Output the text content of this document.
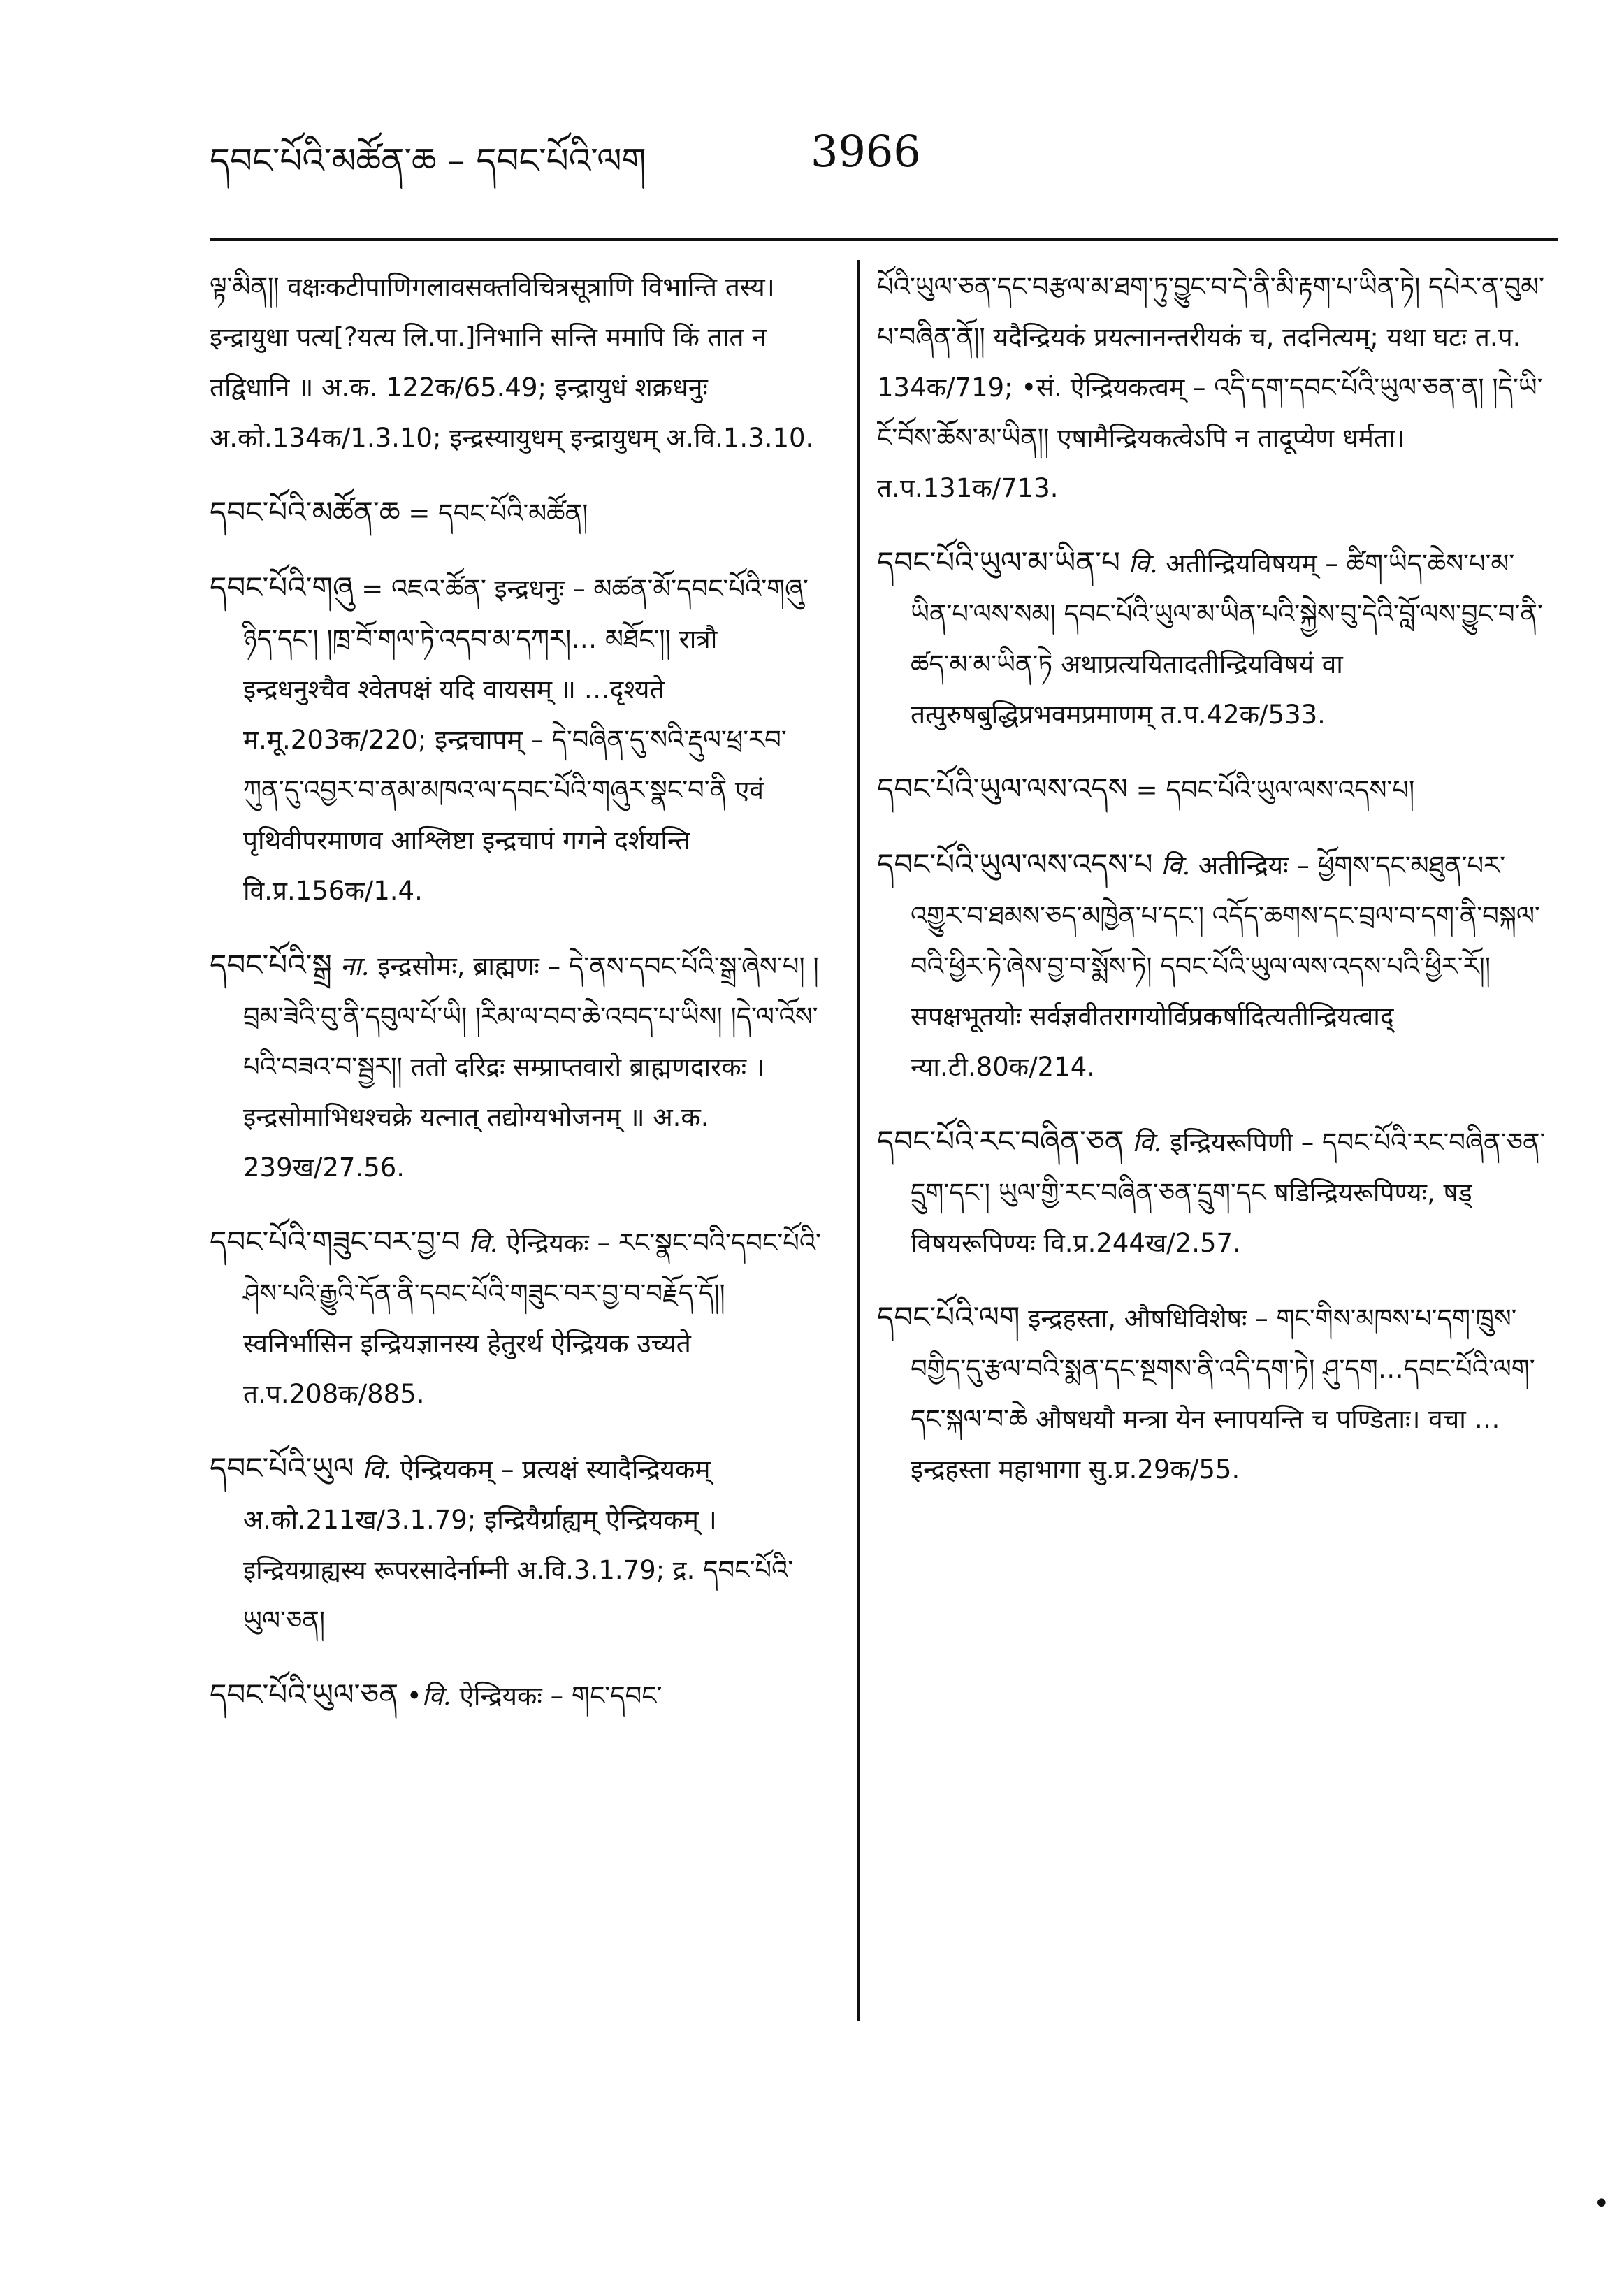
དབང་པོའི་མཚོན་ཆ – དབང་པོའི་ལག	3966

ལྟ་མིན།། वक्षःकटीपाणिगलावसक्तविचित्रसूत्राणि विभान्ति तस्य। इन्द्रायुधा पत्य[?यत्य लि.पा.]निभानि सन्ति ममापि किं तात न तद्विधानि ॥ अ.क. 122क/65.49; इन्द्रायुधं शक्रधनुः अ.को.134क/1.3.10; इन्द्रस्यायुधम् इन्द्रायुधम् अ.वि.1.3.10.

དབང་པོའི་མཚོན་ཆ = དབང་པོའི་མཚོན།

དབང་པོའི་གཞུ = འཇའ་ཚོན་ इन्द्रधनुः – མཚན་མོ་དབང་པོའི་གཞུ་ཉིད་དང་། །ཁྲ་བོ་གལ་ཏེ་འདབ་མ་དཀར།… མཐོང་།། रात्रौ इन्द्रधनुश्चैव श्वेतपक्षं यदि वायसम् ॥ …दृश्यते म.मू.203क/220; इन्द्रचापम् – དེ་བཞིན་དུ་སའི་རྡུལ་ཕྲ་རབ་ཀུན་དུ་འབྱར་བ་ནམ་མཁའ་ལ་དབང་པོའི་གཞུར་སྣང་བ་ནི एवं पृथिवीपरमाणव आश्लिष्टा इन्द्रचापं गगने दर्शयन्ति वि.प्र.156क/1.4.

དབང་པོའི་སྒྲ ना. इन्द्रसोमः, ब्राह्मणः – དེ་ནས་དབང་པོའི་སྒྲ་ཞེས་པ། །བྲམ་ཟེའི་བུ་ནི་དབུལ་པོ་ཡི། །རིམ་ལ་བབ་ཆེ་འབད་པ་ཡིས། །དེ་ལ་འོས་པའི་བཟའ་བ་སྦྱར།། ततो दरिद्रः सम्प्राप्तवारो ब्राह्मणदारकः । इन्द्रसोमाभिधश्चक्रे यत्नात् तद्योग्यभोजनम् ॥ अ.क. 239ख/27.56.

དབང་པོའི་གཟུང་བར་བྱ་བ वि. ऐन्द्रियकः – རང་སྣང་བའི་དབང་པོའི་ཤེས་པའི་རྒྱུའི་དོན་ནི་དབང་པོའི་གཟུང་བར་བྱ་བ་བརྗོད་དོ།། स्वनिर्भासिन इन्द्रियज्ञानस्य हेतुरर्थ ऐन्द्रियक उच्यते त.प.208क/885.

དབང་པོའི་ཡུལ वि. ऐन्द्रियकम् – प्रत्यक्षं स्यादैन्द्रियकम् अ.को.211ख/3.1.79; इन्द्रियैर्ग्राह्यम् ऐन्द्रियकम् । इन्द्रियग्राह्यस्य रूपरसादेर्नाम्नी अ.वि.3.1.79; द्र. དབང་པོའི་ཡུལ་ཅན།

དབང་པོའི་ཡུལ་ཅན •वि. ऐन्द्रियकः – གང་དབང་

པོའི་ཡུལ་ཅན་དང་བརྩལ་མ་ཐག་ཏུ་བྱུང་བ་དེ་ནི་མི་རྟག་པ་ཡིན་ཏེ། དཔེར་ན་བུམ་པ་བཞིན་ནོ།། यदैन्द्रियकं प्रयत्नानन्तरीयकं च, तदनित्यम्; यथा घटः त.प. 134क/719; •सं. ऐन्द्रियकत्वम् – འདི་དག་དབང་པོའི་ཡུལ་ཅན་ན། །དེ་ཡི་ངོ་བོས་ཆོས་མ་ཡིན།། एषामैन्द्रियकत्वेऽपि न तादूप्येण धर्मता। त.प.131क/713.

དབང་པོའི་ཡུལ་མ་ཡིན་པ वि. अतीन्द्रियविषयम् – ཚིག་ཡིད་ཆེས་པ་མ་ཡིན་པ་ལས་སམ། དབང་པོའི་ཡུལ་མ་ཡིན་པའི་སྐྱེས་བུ་དེའི་བློ་ལས་བྱུང་བ་ནི་ཚད་མ་མ་ཡིན་ཏེ अथाप्रत्ययितादतीन्द्रियविषयं वा तत्पुरुषबुद्धिप्रभवमप्रमाणम् त.प.42क/533.

དབང་པོའི་ཡུལ་ལས་འདས = དབང་པོའི་ཡུལ་ལས་འདས་པ།

དབང་པོའི་ཡུལ་ལས་འདས་པ वि. अतीन्द्रियः – ཕྱོགས་དང་མཐུན་པར་འགྱུར་བ་ཐམས་ཅད་མཁྱེན་པ་དང་། འདོད་ཆགས་དང་བྲལ་བ་དག་ནི་བསྐལ་བའི་ཕྱིར་ཏེ་ཞེས་བྱ་བ་སྨོས་ཏེ། དབང་པོའི་ཡུལ་ལས་འདས་པའི་ཕྱིར་རོ།། सपक्षभूतयोः सर्वज्ञवीतरागयोर्विप्रकर्षादित्यतीन्द्रियत्वाद् न्या.टी.80क/214.

དབང་པོའི་རང་བཞིན་ཅན वि. इन्द्रियरूपिणी – དབང་པོའི་རང་བཞིན་ཅན་དྲུག་དང་། ཡུལ་གྱི་རང་བཞིན་ཅན་དྲུག་དང षडिन्द्रियरूपिण्यः, षड् विषयरूपिण्यः वि.प्र.244ख/2.57.

དབང་པོའི་ལག इन्द्रहस्ता, औषधिविशेषः – གང་གིས་མཁས་པ་དག་ཁྲུས་བགྱིད་དུ་རྩལ་བའི་སྨན་དང་སྔགས་ནི་འདི་དག་ཏེ། ཤུ་དག…དབང་པོའི་ལག་དང་སྐལ་བ་ཆེ औषधयौ मन्त्रा येन स्नापयन्ति च पण्डिताः। वचा …इन्द्रहस्ता महाभागा सु.प्र.29क/55.

•
